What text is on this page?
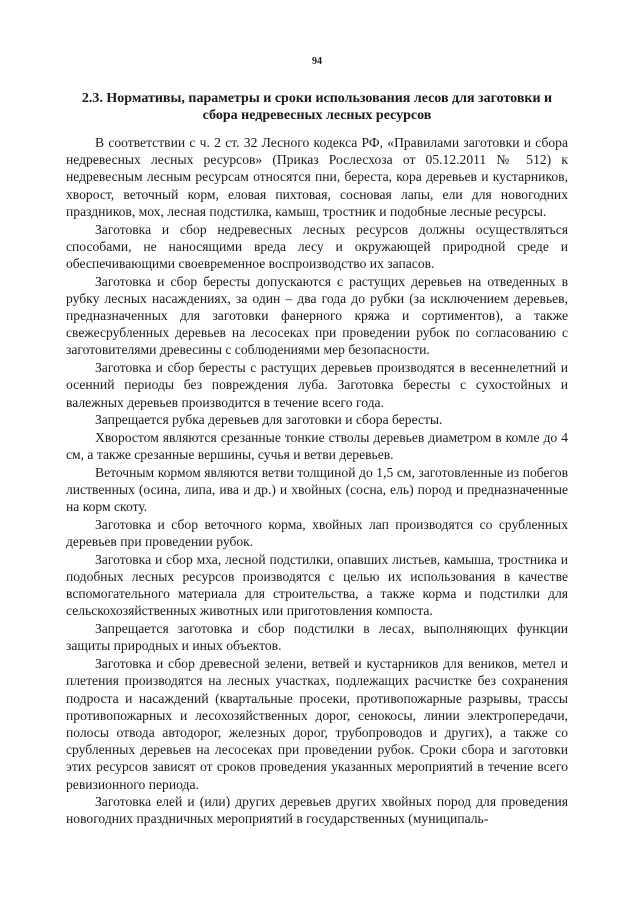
94
2.3. Нормативы, параметры и сроки использования лесов для заготовки и сбора недревесных лесных ресурсов

В соответствии с ч. 2 ст. 32 Лесного кодекса РФ, «Правилами заготовки и сбора недревесных лесных ресурсов» (Приказ Рослесхоза от 05.12.2011 № 512) к недревесным лесным ресурсам относятся пни, береста, кора деревьев и кустарников, хворост, веточный корм, еловая пихтовая, сосновая лапы, ели для новогодних праздников, мох, лесная подстилка, камыш, тростник и подобные лесные ресурсы.

Заготовка и сбор недревесных лесных ресурсов должны осуществляться способами, не наносящими вреда лесу и окружающей природной среде и обеспечивающими своевременное воспроизводство их запасов.

Заготовка и сбор бересты допускаются с растущих деревьев на отведенных в рубку лесных насаждениях, за один – два года до рубки (за исключением деревьев, предназначенных для заготовки фанерного кряжа и сортиментов), а также свежесрубленных деревьев на лесосеках при проведении рубок по согласованию с заготовителями древесины с соблюдениями мер безопасности.

Заготовка и сбор бересты с растущих деревьев производятся в весеннелетний и осенний периоды без повреждения луба. Заготовка бересты с сухостойных и валежных деревьев производится в течение всего года.

Запрещается рубка деревьев для заготовки и сбора бересты.

Хворостом являются срезанные тонкие стволы деревьев диаметром в комле до 4 см, а также срезанные вершины, сучья и ветви деревьев.

Веточным кормом являются ветви толщиной до 1,5 см, заготовленные из побегов лиственных (осина, липа, ива и др.) и хвойных (сосна, ель) пород и предназначенные на корм скоту.

Заготовка и сбор веточного корма, хвойных лап производятся со срубленных деревьев при проведении рубок.

Заготовка и сбор мха, лесной подстилки, опавших листьев, камыша, тростника и подобных лесных ресурсов производятся с целью их использования в качестве вспомогательного материала для строительства, а также корма и подстилки для сельскохозяйственных животных или приготовления компоста.

Запрещается заготовка и сбор подстилки в лесах, выполняющих функции защиты природных и иных объектов.

Заготовка и сбор древесной зелени, ветвей и кустарников для веников, метел и плетения производятся на лесных участках, подлежащих расчистке без сохранения подроста и насаждений (квартальные просеки, противопожарные разрывы, трассы противопожарных и лесохозяйственных дорог, сенокосы, линии электропередачи, полосы отвода автодорог, железных дорог, трубопроводов и других), а также со срубленных деревьев на лесосеках при проведении рубок. Сроки сбора и заготовки этих ресурсов зависят от сроков проведения указанных мероприятий в течение всего ревизионного периода.

Заготовка елей и (или) других деревьев других хвойных пород для проведения новогодних праздничных мероприятий в государственных (муниципаль-
